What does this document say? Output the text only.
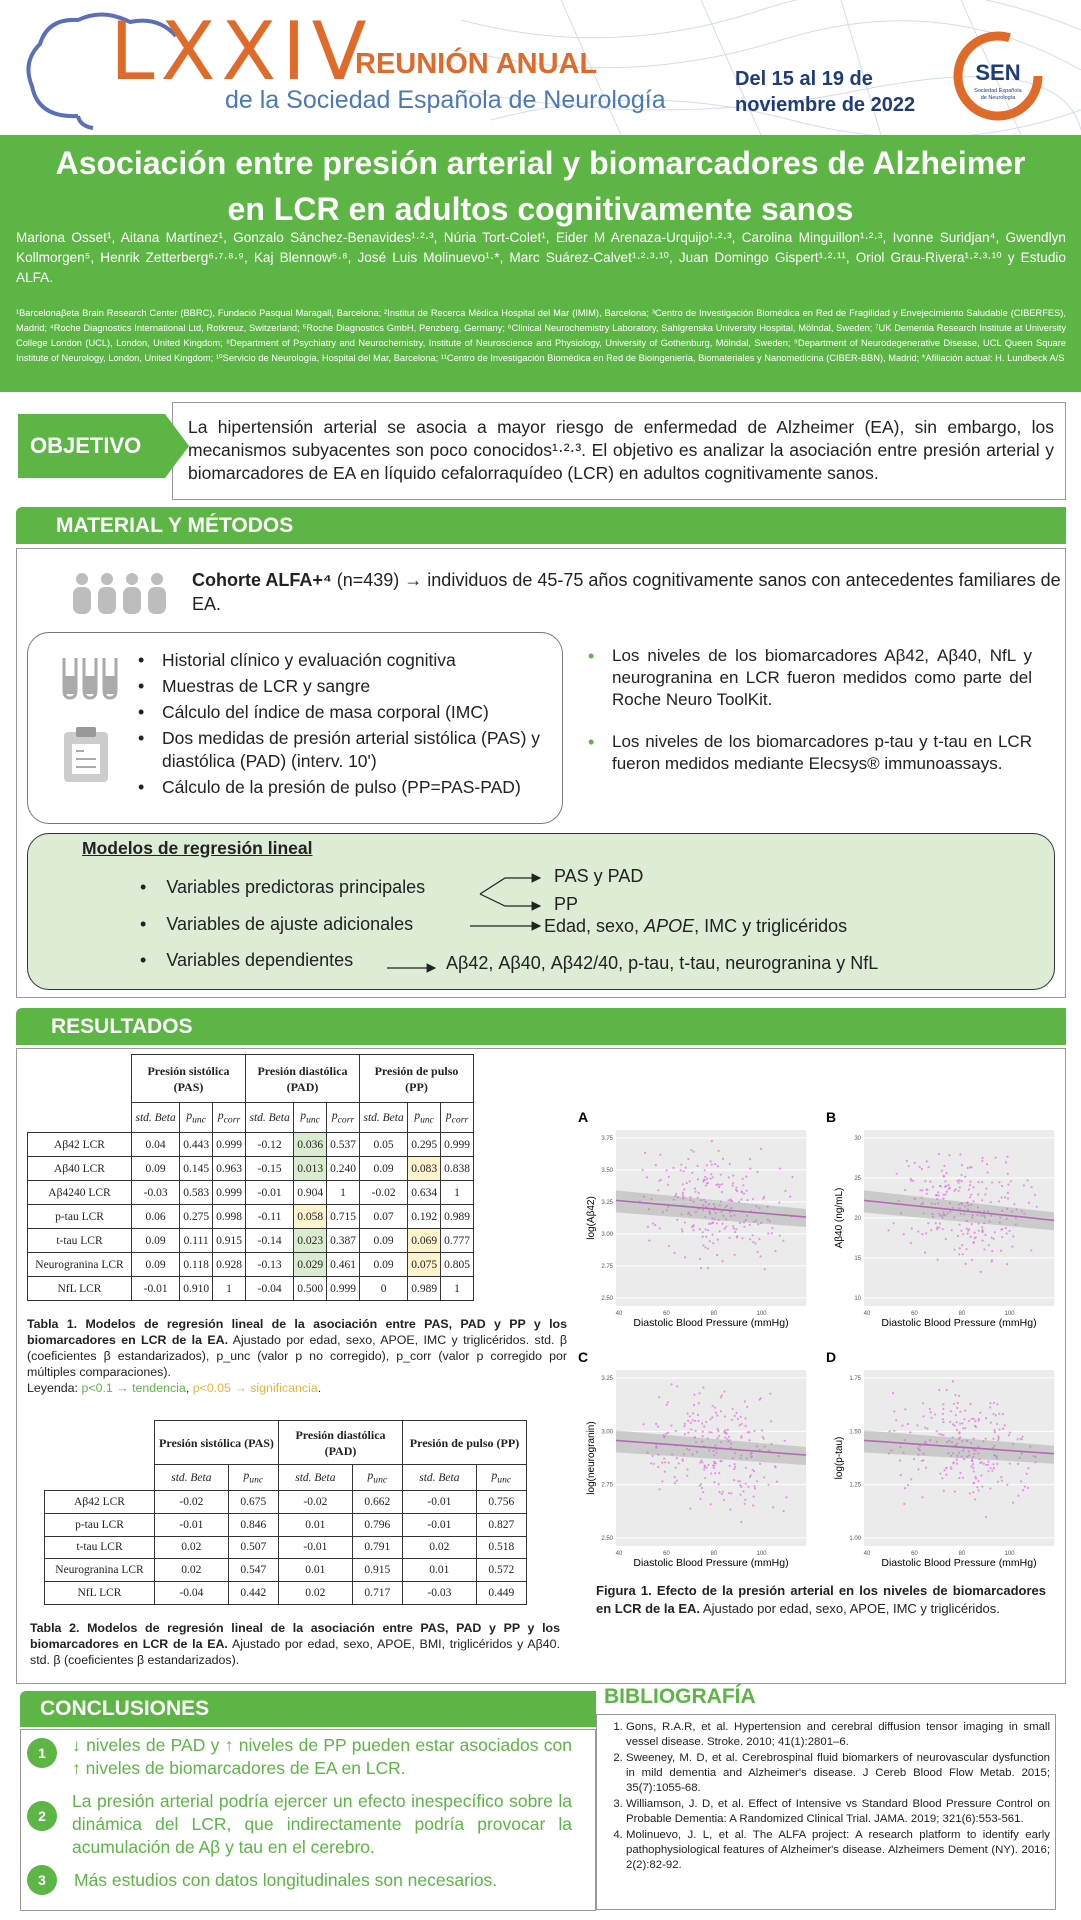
LXXIV
REUNIÓN ANUAL
de la Sociedad Española de Neurología
Del 15 al 19 de noviembre de 2022
SEN
Sociedad Española
de Neurología
Asociación entre presión arterial y biomarcadores de Alzheimer en LCR en adultos cognitivamente sanos
Mariona Osset¹, Aitana Martínez¹, Gonzalo Sánchez-Benavides¹·²·³, Núria Tort-Colet¹, Eider M Arenaza-Urquijo¹·²·³, Carolina Minguillon¹·²·³, Ivonne Suridjan⁴, Gwendlyn Kollmorgen⁵, Henrik Zetterberg⁶·⁷·⁸·⁹, Kaj Blennow⁶·⁸, José Luis Molinuevo¹·*, Marc Suárez-Calvet¹·²·³·¹⁰, Juan Domingo Gispert¹·²·¹¹, Oriol Grau-Rivera¹·²·³·¹⁰ y Estudio ALFA.
¹Barcelonaβeta Brain Research Center (BBRC), Fundació Pasqual Maragall, Barcelona; ²Institut de Recerca Mèdica Hospital del Mar (IMIM), Barcelona; ³Centro de Investigación Biomédica en Red de Fragilidad y Envejecimiento Saludable (CIBERFES), Madrid; ⁴Roche Diagnostics International Ltd, Rotkreuz, Switzerland; ⁵Roche Diagnostics GmbH, Penzberg, Germany; ⁶Clinical Neurochemistry Laboratory, Sahlgrenska University Hospital, Mölndal, Sweden; ⁷UK Dementia Research Institute at University College London (UCL), London, United Kingdom; ⁸Department of Psychiatry and Neurochemistry, Institute of Neuroscience and Physiology, University of Gothenburg, Mölndal, Sweden; ⁹Department of Neurodegenerative Disease, UCL Queen Square Institute of Neurology, London, United Kingdom; ¹⁰Servicio de Neurología, Hospital del Mar, Barcelona; ¹¹Centro de Investigación Biomédica en Red de Bioingeniería, Biomateriales y Nanomedicina (CIBER-BBN), Madrid; *Afiliación actual: H. Lundbeck A/S
OBJETIVO
La hipertensión arterial se asocia a mayor riesgo de enfermedad de Alzheimer (EA), sin embargo, los mecanismos subyacentes son poco conocidos¹·²·³. El objetivo es analizar la asociación entre presión arterial y biomarcadores de EA en líquido cefalorraquídeo (LCR) en adultos cognitivamente sanos.
MATERIAL Y MÉTODOS
Cohorte ALFA+⁴ (n=439) → individuos de 45-75 años cognitivamente sanos con antecedentes familiares de EA.
• Historial clínico y evaluación cognitiva
• Muestras de LCR y sangre
• Cálculo del índice de masa corporal (IMC)
• Dos medidas de presión arterial sistólica (PAS) y diastólica (PAD) (interv. 10')
• Cálculo de la presión de pulso (PP=PAS-PAD)
• Los niveles de los biomarcadores Aβ42, Aβ40, NfL y neurogranina en LCR fueron medidos como parte del Roche Neuro ToolKit.
• Los niveles de los biomarcadores p-tau y t-tau en LCR fueron medidos mediante Elecsys® immunoassays.
Modelos de regresión lineal
•    Variables predictoras principales
•    Variables de ajuste adicionales
•    Variables dependientes
PAS y PAD
PP
Edad, sexo, APOE, IMC y triglicéridos
Aβ42, Aβ40, Aβ42/40, p-tau, t-tau, neurogranina y NfL
RESULTADOS
	Presión sistólica (PAS)			Presión diastólica (PAD)			Presión de pulso (PP)		
	std. Beta	$p_{unc}$	$p_{corr}$	std. Beta	$p_{unc}$	$p_{corr}$	std. Beta	$p_{unc}$	$p_{corr}$
Aβ42 LCR	0.04	0.443	0.999	-0.12	0.036	0.537	0.05	0.295	0.999
Aβ40 LCR	0.09	0.145	0.963	-0.15	0.013	0.240	0.09	0.083	0.838
Aβ4240 LCR	-0.03	0.583	0.999	-0.01	0.904	1	-0.02	0.634	1
p-tau LCR	0.06	0.275	0.998	-0.11	0.058	0.715	0.07	0.192	0.989
t-tau LCR	0.09	0.111	0.915	-0.14	0.023	0.387	0.09	0.069	0.777
Neurogranina LCR	0.09	0.118	0.928	-0.13	0.029	0.461	0.09	0.075	0.805
NfL LCR	-0.01	0.910	1	-0.04	0.500	0.999	0	0.989	1
Tabla 1. Modelos de regresión lineal de la asociación entre PAS, PAD y PP y los biomarcadores en LCR de la EA. Ajustado por edad, sexo, APOE, IMC y triglicéridos. std. β (coeficientes β estandarizados), p_unc (valor p no corregido), p_corr (valor p corregido por múltiples comparaciones).
Leyenda: p<0.1 → tendencia, p<0.05 → significancia.
	Presión sistólica (PAS)		Presión diastólica (PAD)		Presión de pulso (PP)	
	std. Beta	$p_{unc}$	std. Beta	$p_{unc}$	std. Beta	$p_{unc}$
Aβ42 LCR	-0.02	0.675	-0.02	0.662	-0.01	0.756
p-tau LCR	-0.01	0.846	0.01	0.796	-0.01	0.827
t-tau LCR	0.02	0.507	-0.01	0.791	0.02	0.518
Neurogranina LCR	0.02	0.547	0.01	0.915	0.01	0.572
NfL LCR	-0.04	0.442	0.02	0.717	-0.03	0.449
Tabla 2. Modelos de regresión lineal de la asociación entre PAS, PAD y PP y los biomarcadores en LCR de la EA. Ajustado por edad, sexo, APOE, BMI, triglicéridos y Aβ40. std. β (coeficientes β estandarizados).
A
3.75
3.50
3.25
3.00
2.75
2.50
40	60	80	100
Diastolic Blood Pressure (mmHg)
log(Aβ42)
B
30
25
20
15
10
40	60	80	100
Diastolic Blood Pressure (mmHg)
Aβ40 (ng/mL)
C
3.25
3.00
2.75
2.50
40	60	80	100
Diastolic Blood Pressure (mmHg)
log(neurogranin)
D
1.75
1.50
1.25
1.00
40	60	80	100
Diastolic Blood Pressure (mmHg)
log(p-tau)
Figura 1. Efecto de la presión arterial en los niveles de biomarcadores en LCR de la EA. Ajustado por edad, sexo, APOE, IMC y triglicéridos.
CONCLUSIONES
1	↓ niveles de PAD y ↑ niveles de PP pueden estar asociados con ↑ niveles de biomarcadores de EA en LCR.
2
La presión arterial podría ejercer un efecto inespecífico sobre la dinámica del LCR, que indirectamente podría provocar la acumulación de Aβ y tau en el cerebro.
3	Más estudios con datos longitudinales son necesarios.
BIBLIOGRAFÍA
1. Gons, R.A.R, et al. Hypertension and cerebral diffusion tensor imaging in small vessel disease. Stroke. 2010; 41(1):2801–6.
2. Sweeney, M. D, et al. Cerebrospinal fluid biomarkers of neurovascular dysfunction in mild dementia and Alzheimer's disease. J Cereb Blood Flow Metab. 2015; 35(7):1055-68.
3. Williamson, J. D, et al. Effect of Intensive vs Standard Blood Pressure Control on Probable Dementia: A Randomized Clinical Trial. JAMA. 2019; 321(6):553-561.
4. Molinuevo, J. L, et al. The ALFA project: A research platform to identify early pathophysiological features of Alzheimer's disease. Alzheimers Dement (NY). 2016; 2(2):82-92.
